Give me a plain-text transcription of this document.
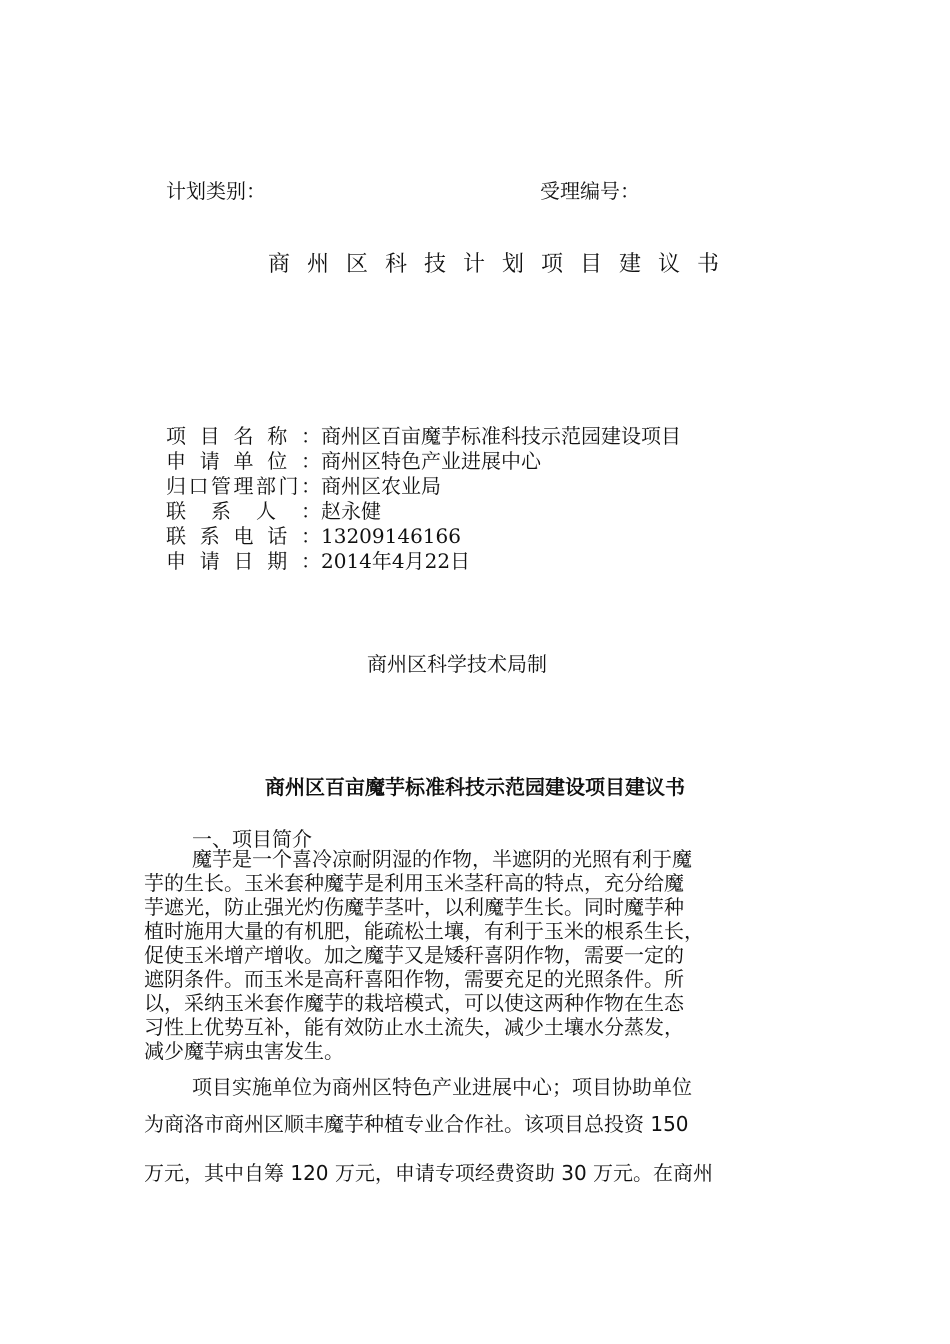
计划类别：	受理编号：
商州区科技计划项目建议书
项目名称： 商州区百亩魔芋标准科技示范园建设项目
申请单位： 商州区特色产业进展中心
归口管理部门： 商州区农业局
联系人： 赵永健
联系电话： 13209146166
申请日期： 2014年4月22日
商州区科学技术局制
商州区百亩魔芋标准科技示范园建设项目建议书
一、项目简介
魔芋是一个喜冷凉耐阴湿的作物，半遮阴的光照有利于魔
芋的生长。玉米套种魔芋是利用玉米茎秆高的特点，充分给魔
芋遮光，防止强光灼伤魔芋茎叶，以利魔芋生长。同时魔芋种
植时施用大量的有机肥，能疏松土壤，有利于玉米的根系生长，
促使玉米增产增收。加之魔芋又是矮秆喜阴作物，需要一定的
遮阴条件。而玉米是高秆喜阳作物，需要充足的光照条件。所
以，采纳玉米套作魔芋的栽培模式，可以使这两种作物在生态
习性上优势互补，能有效防止水土流失，减少土壤水分蒸发，
减少魔芋病虫害发生。
项目实施单位为商州区特色产业进展中心；项目协助单位
为商洛市商州区顺丰魔芋种植专业合作社。该项目总投资 150
万元，其中自筹 120 万元，申请专项经费资助 30 万元。在商州
